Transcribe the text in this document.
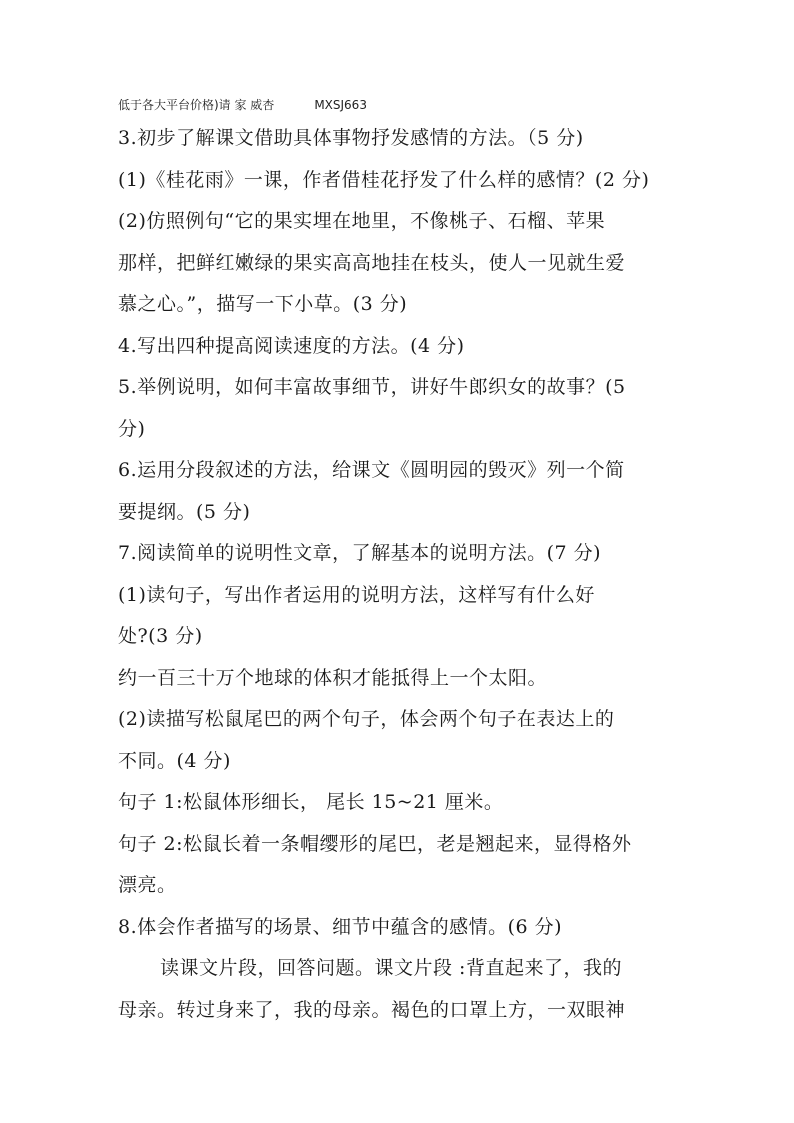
低于各大平台价格)请 家 威杏	MXSJ663
3.初步了解课文借助具体事物抒发感情的方法。（5 分)
(1)《桂花雨》一课，作者借桂花抒发了什么样的感情？(2 分)
(2)仿照例句“它的果实埋在地里，不像桃子、石榴、苹果
那样，把鲜红嫩绿的果实高高地挂在枝头，使人一见就生爱
慕之心。”，描写一下小草。(3 分)
4.写出四种提高阅读速度的方法。(4 分)
5.举例说明，如何丰富故事细节，讲好牛郎织女的故事？(5
分)
6.运用分段叙述的方法，给课文《圆明园的毁灭》列一个简
要提纲。(5 分)
7.阅读简单的说明性文章，了解基本的说明方法。(7 分)
(1)读句子，写出作者运用的说明方法，这样写有什么好
处?(3 分)
约一百三十万个地球的体积才能抵得上一个太阳。
(2)读描写松鼠尾巴的两个句子，体会两个句子在表达上的
不同。(4 分)
句子 1:松鼠体形细长， 尾长 15~21 厘米。
句子 2:松鼠长着一条帽缨形的尾巴，老是翘起来，显得格外
漂亮。
8.体会作者描写的场景、细节中蕴含的感情。(6 分)
读课文片段，回答问题。课文片段 :背直起来了，我的
母亲。转过身来了，我的母亲。褐色的口罩上方，一双眼神
